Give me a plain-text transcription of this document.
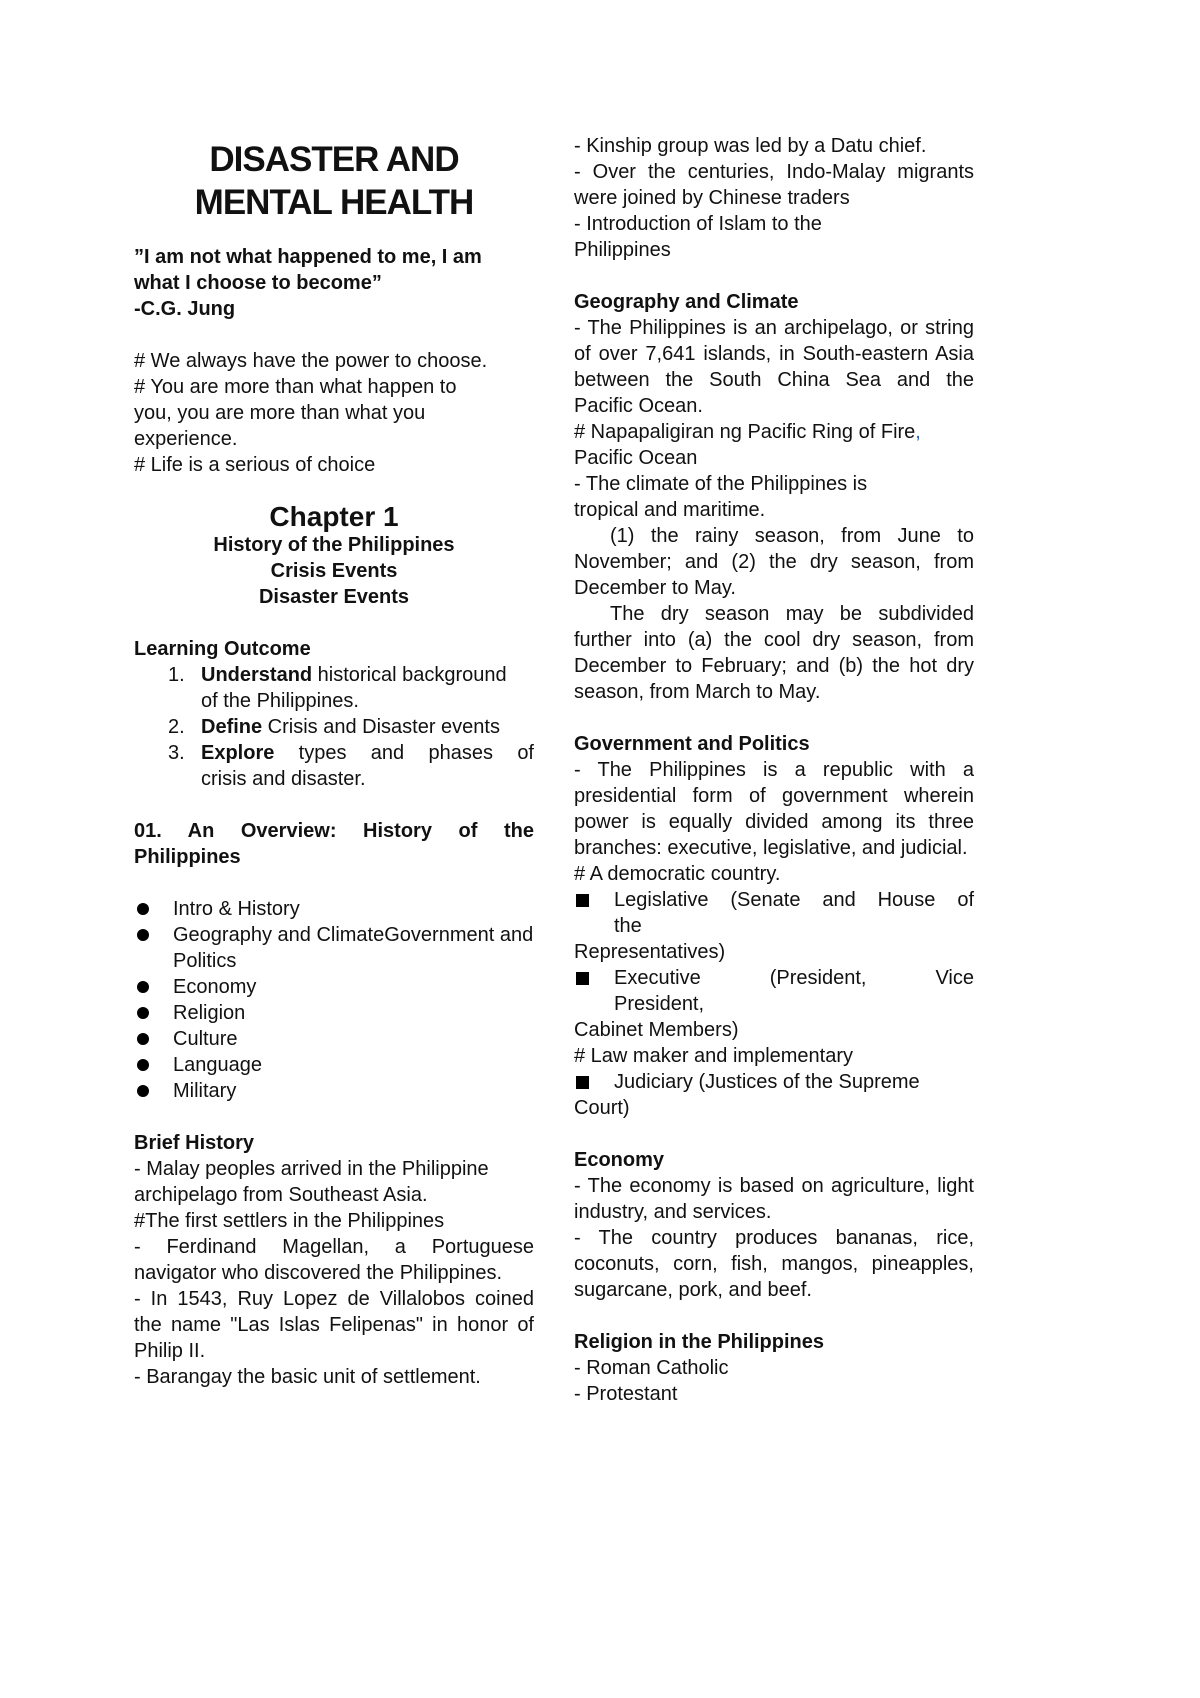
DISASTER AND

MENTAL HEALTH

”I am not what happened to me, I am

what I choose to become”

-C.G. Jung

# We always have the power to choose.

# You are more than what happen to

you, you are more than what you

experience.

# Life is a serious of choice

Chapter 1

History of the Philippines

Crisis Events

Disaster Events

Learning Outcome

1. Understand historical background
of the Philippines.
2. Define Crisis and Disaster events
3. Explore types and phases of
crisis and disaster.

01. An Overview: History of the

Philippines

Intro & History
Geography and ClimateGovernment and Politics
Economy
Religion
Culture
Language
Military

Brief History

- Malay peoples arrived in the Philippine archipelago from Southeast Asia.

#The first settlers in the Philippines

- Ferdinand Magellan, a Portuguese navigator who discovered the Philippines.

- In 1543, Ruy Lopez de Villalobos coined the name "Las Islas Felipenas" in honor of Philip II.

- Barangay the basic unit of settlement.

- Kinship group was led by a Datu chief.

- Over the centuries, Indo-Malay migrants were joined by Chinese traders

- Introduction of Islam to the

Philippines

Geography and Climate

- The Philippines is an archipelago, or string of over 7,641 islands, in South-eastern Asia between the South China Sea and the Pacific Ocean.

# Napapaligiran ng Pacific Ring of Fire,

Pacific Ocean

- The climate of the Philippines is

tropical and maritime.

(1) the rainy season, from June to November; and (2) the dry season, from December to May.

The dry season may be subdivided further into (a) the cool dry season, from December to February; and (b) the hot dry season, from March to May.

Government and Politics

- The Philippines is a republic with a presidential form of government wherein power is equally divided among its three branches: executive, legislative, and judicial.

# A democratic country.

Legislative (Senate and House of

the

Representatives)

Executive (President, Vice

President,

Cabinet Members)

# Law maker and implementary

Judiciary (Justices of the Supreme

Court)

Economy

- The economy is based on agriculture, light industry, and services.

- The country produces bananas, rice, coconuts, corn, fish, mangos, pineapples, sugarcane, pork, and beef.

Religion in the Philippines

- Roman Catholic

- Protestant
